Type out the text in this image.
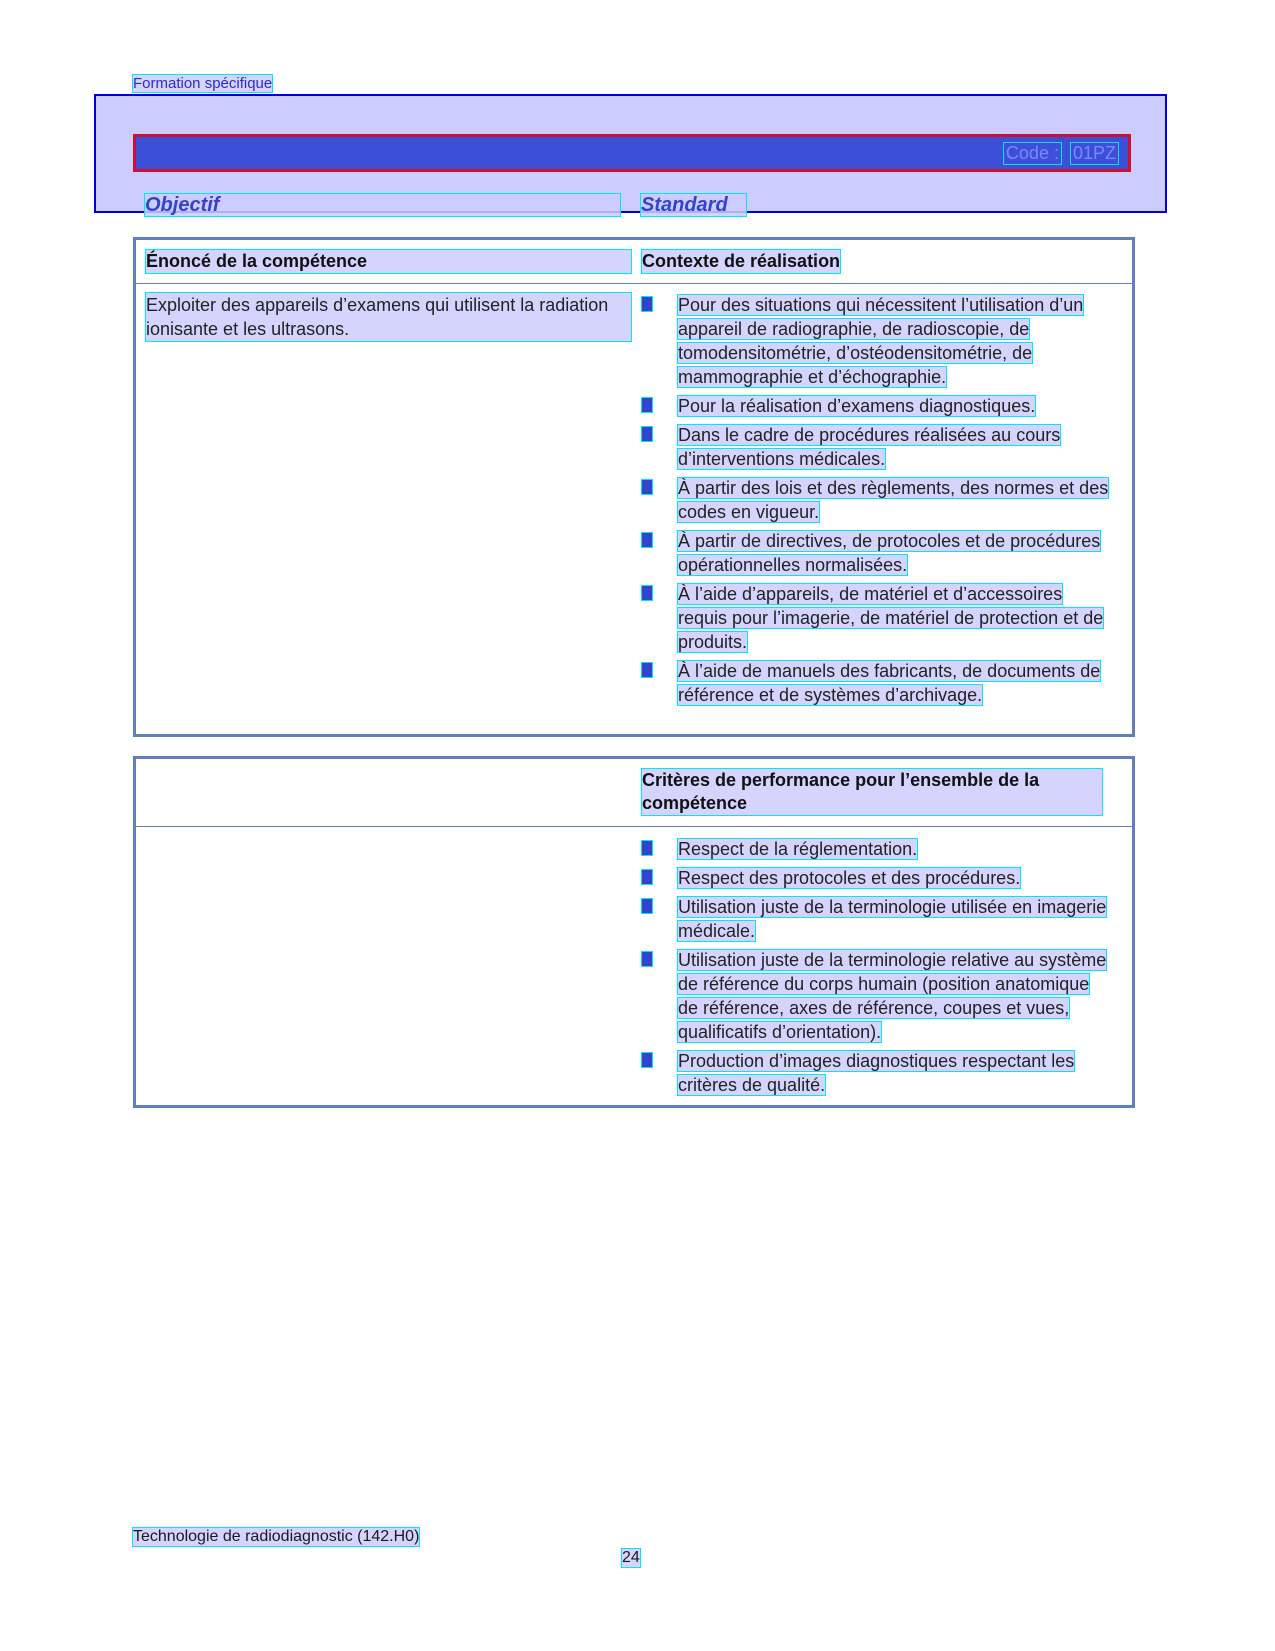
Formation spécifique
Code : 01PZ
Objectif	Standard
Énoncé de la compétence	Contexte de réalisation
Exploiter des appareils d’examens qui utilisent la radiation ionisante et les ultrasons.
Pour des situations qui nécessitent l’utilisation d’un appareil de radiographie, de radioscopie, de tomodensitométrie, d’ostéodensitométrie, de mammographie et d’échographie.
Pour la réalisation d’examens diagnostiques.
Dans le cadre de procédures réalisées au cours d’interventions médicales.
À partir des lois et des règlements, des normes et des codes en vigueur.
À partir de directives, de protocoles et de procédures opérationnelles normalisées.
À l’aide d’appareils, de matériel et d’accessoires requis pour l’imagerie, de matériel de protection et de produits.
À l’aide de manuels des fabricants, de documents de référence et de systèmes d’archivage.
Critères de performance pour l’ensemble de la compétence
Respect de la réglementation.
Respect des protocoles et des procédures.
Utilisation juste de la terminologie utilisée en imagerie médicale.
Utilisation juste de la terminologie relative au système de référence du corps humain (position anatomique de référence, axes de référence, coupes et vues, qualificatifs d’orientation).
Production d’images diagnostiques respectant les critères de qualité.
Technologie de radiodiagnostic (142.H0)
24
